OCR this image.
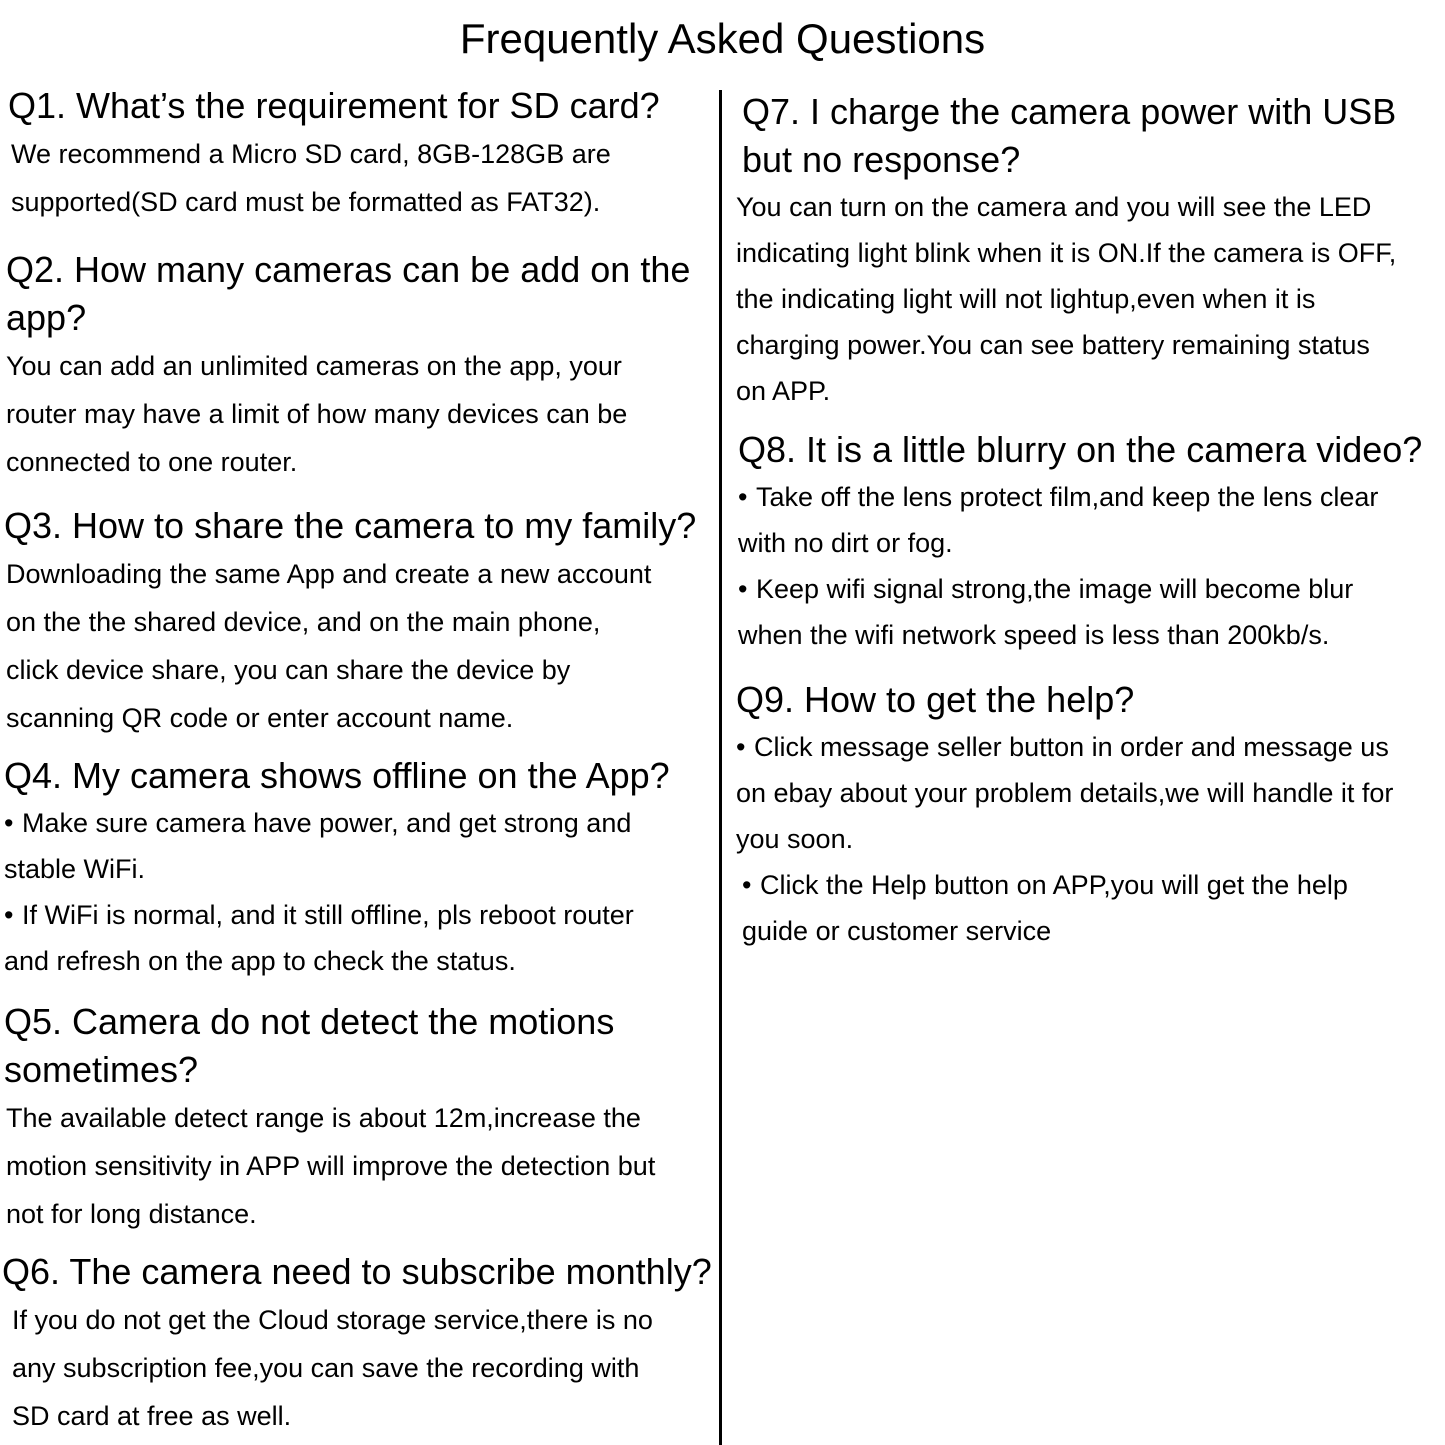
Frequently Asked Questions
Q1. What’s the requirement for SD card?

We recommend a Micro SD card, 8GB-128GB are
supported(SD card must be formatted as FAT32).

Q2. How many cameras can be add on the
app?

You can add an unlimited cameras on the app, your
router may have a limit of how many devices can be
connected to one router.

Q3. How to share the camera to my family?

Downloading the same App and create a new account
on the the shared device, and on the main phone,
click device share, you can share the device by
scanning QR code or enter account name.

Q4. My camera shows offline on the App?

• Make sure camera have power, and get strong and
stable WiFi.

• If WiFi is normal, and it still offline, pls reboot router
and refresh on the app to check the status.

Q5. Camera do not detect the motions
sometimes?

The available detect range is about 12m,increase the
motion sensitivity in APP will improve the detection but
not for long distance.

Q6. The camera need to subscribe monthly?

If you do not get the Cloud storage service,there is no
any subscription fee,you can save the recording with
SD card at free as well.

Q7. I charge the camera power with USB
but no response?

You can turn on the camera and you will see the LED
indicating light blink when it is ON.If the camera is OFF,
the indicating light will not lightup,even when it is
charging power.You can see battery remaining status
on APP.

Q8. It is a little blurry on the camera video?

• Take off the lens protect film,and keep the lens clear
with no dirt or fog.

• Keep wifi signal strong,the image will become blur
when the wifi network speed is less than 200kb/s.

Q9. How to get the help?

• Click message seller button in order and message us
on ebay about your problem details,we will handle it for
you soon.

• Click the Help button on APP,you will get the help
guide or customer service
